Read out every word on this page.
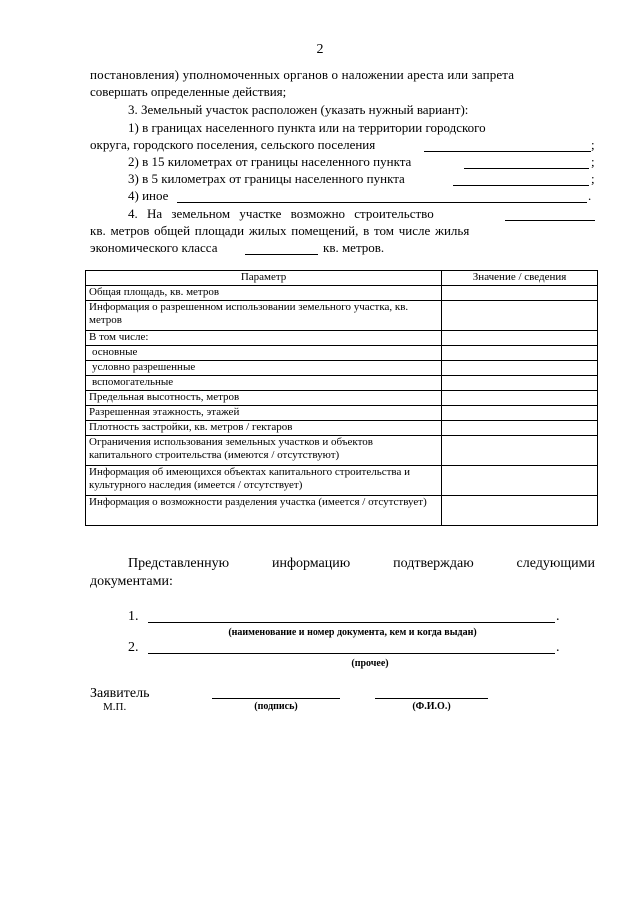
2
постановления) уполномоченных органов о наложении ареста или запрета
совершать определенные действия;
3. Земельный участок расположен (указать нужный вариант):
1) в границах населенного пункта или на территории городского
округа, городского поселения, сельского поселения	;
2) в 15 километрах от границы населенного пункта	;
3) в 5 километрах от границы населенного пункта	;
4) иное	.
4. На земельном участке возможно строительство
кв. метров общей площади жилых помещений, в том числе жилья
экономического класса	кв. метров.
Параметр	Значение / сведения
Общая площадь, кв. метров	
Информация о разрешенном использовании земельного участка, кв. метров	
В том числе:	
основные	
условно разрешенные	
вспомогательные	
Предельная высотность, метров	
Разрешенная этажность, этажей	
Плотность застройки, кв. метров / гектаров	
Ограничения использования земельных участков и объектов капитального строительства (имеются / отсутствуют)	
Информация об имеющихся объектах капитального строительства и культурного наследия (имеется / отсутствует)	
Информация о возможности разделения участка (имеется / отсутствует)	
Представленную	информацию	подтверждаю	следующими
документами:
1.	.
(наименование и номер документа, кем и когда выдан)
2.	.
(прочее)
Заявитель
М.П.	(подпись)	(Ф.И.О.)
